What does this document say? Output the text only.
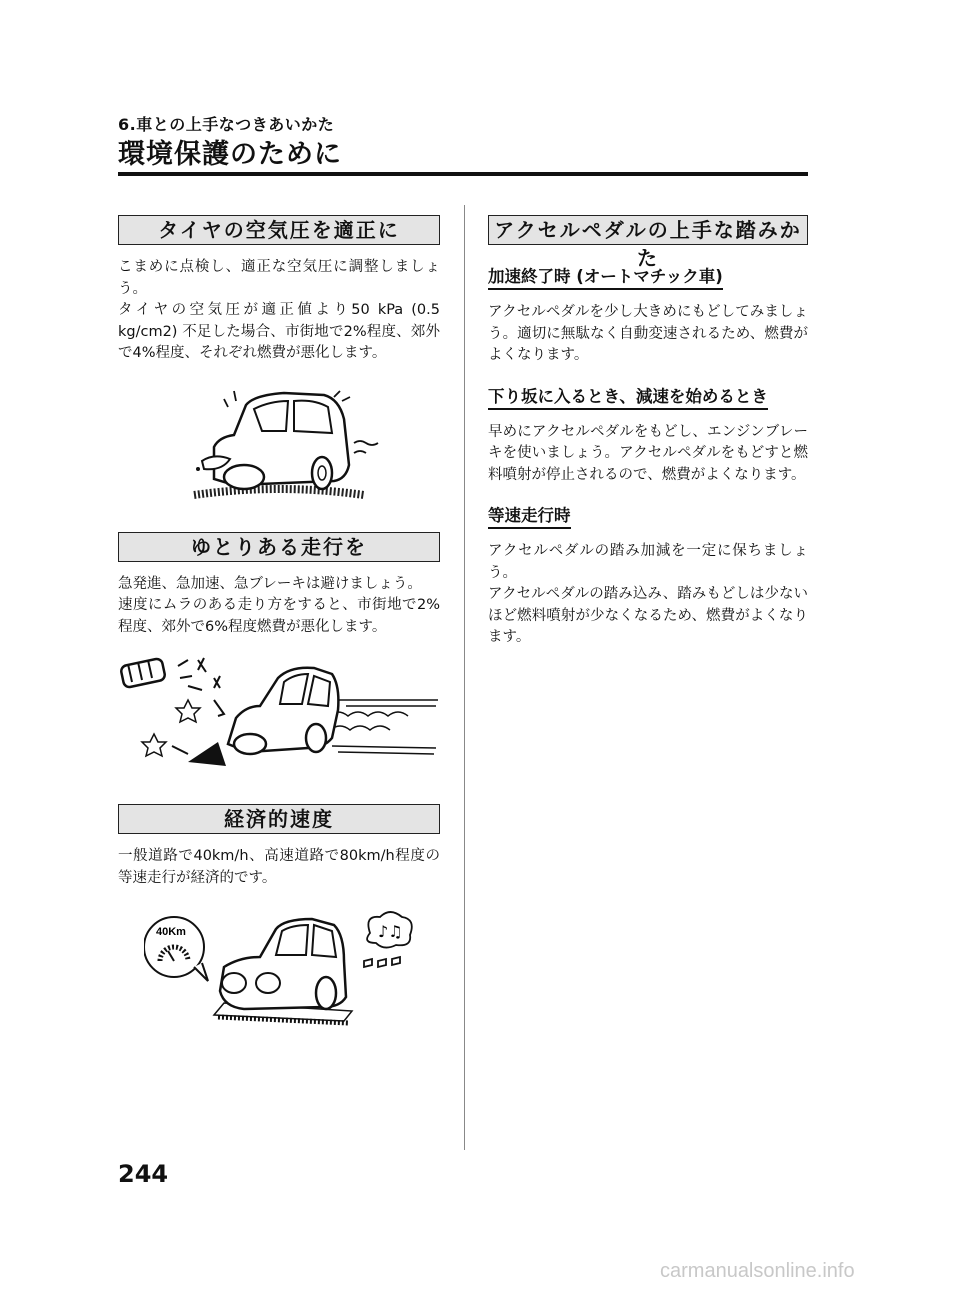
6.車との上手なつきあいかた
環境保護のために
タイヤの空気圧を適正に
こまめに点検し、適正な空気圧に調整しましょう。
タイヤの空気圧が適正値より50 kPa (0.5 kg/cm2) 不足した場合、市街地で2%程度、郊外で4%程度、それぞれ燃費が悪化します。
ゆとりある走行を
急発進、急加速、急ブレーキは避けましょう。
速度にムラのある走り方をすると、市街地で2%程度、郊外で6%程度燃費が悪化します。
経済的速度
一般道路で40km/h、高速道路で80km/h程度の等速走行が経済的です。
40Km	♪♫
アクセルペダルの上手な踏みかた
加速終了時 (オートマチック車)
アクセルペダルを少し大きめにもどしてみましょう。適切に無駄なく自動変速されるため、燃費がよくなります。
下り坂に入るとき、減速を始めるとき
早めにアクセルペダルをもどし、エンジンブレーキを使いましょう。アクセルペダルをもどすと燃料噴射が停止されるので、燃費がよくなります。
等速走行時
アクセルペダルの踏み加減を一定に保ちましょう。
アクセルペダルの踏み込み、踏みもどしは少ないほど燃料噴射が少なくなるため、燃費がよくなります。
244
carmanualsonline.info
